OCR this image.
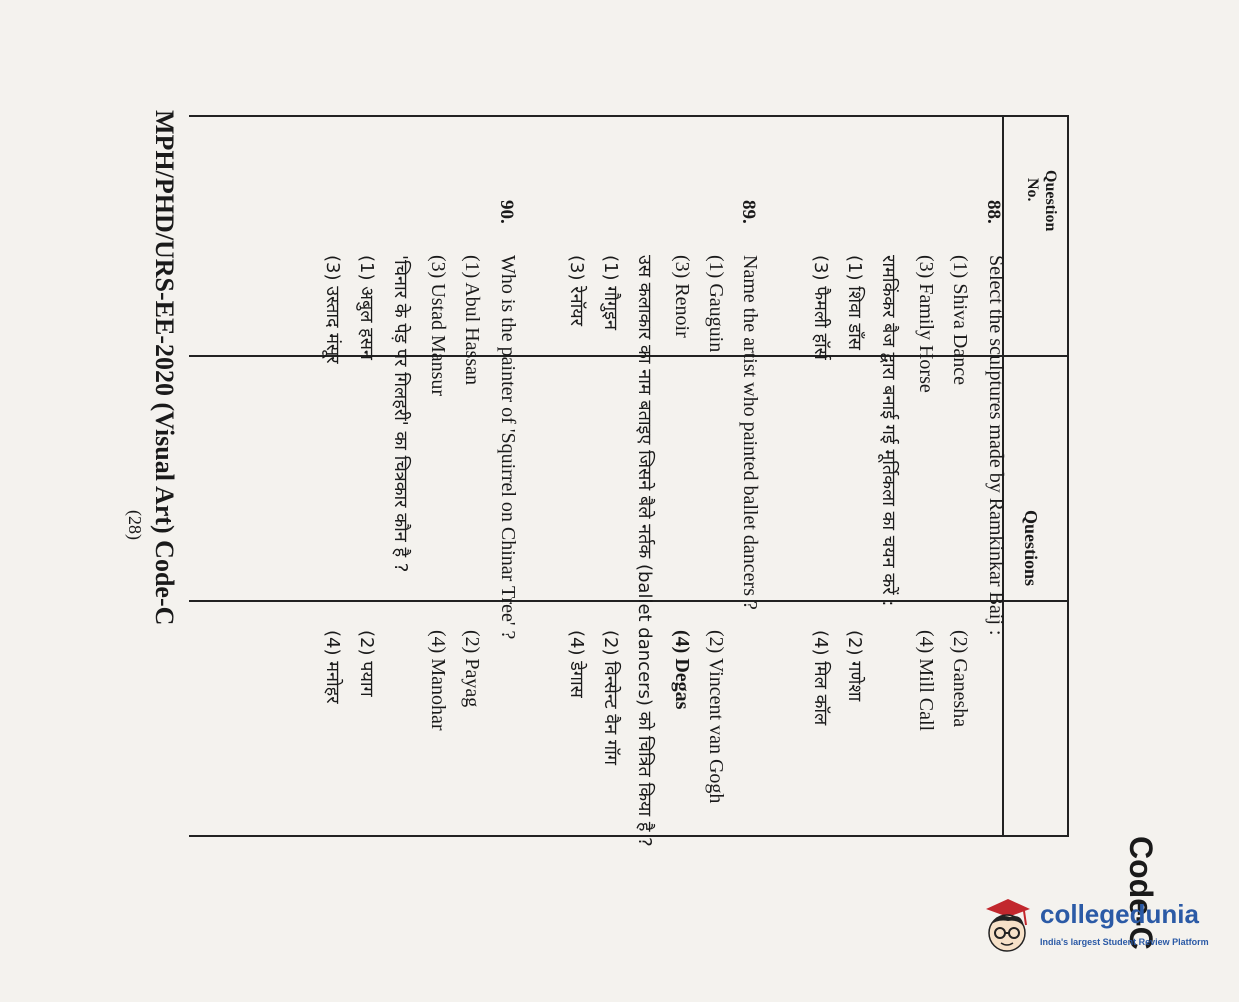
Question
No.
Questions
88.
Select the sculptures made by Ramkinkar Baij :
(1) Shiva Dance
(2) Ganesha
(3) Family Horse
(4) Mill Call
रामकिंकर बैज द्वारा बनाई गई मूर्तिकला का चयन करें :
(1) शिवा डाँस
(2) गणेशा
(3) फैमली हॉर्स
(4) मिल कॉल
89.
Name the artist who painted ballet dancers ?
(1) Gauguin
(2) Vincent van Gogh
(3) Renoir
(4) Degas
उस कलाकार का नाम बताइए जिसने बैले नर्तक (ballet dancers) को चित्रित किया है ?
(1) गौगुइन
(2) विन्सेन्ट वैन गॉग
(3) रेनॉयर
(4) डेगास
90.
Who is the painter of 'Squirrel on Chinar Tree' ?
(1) Abul Hassan
(2) Payag
(3) Ustad Mansur
(4) Manohar
'चिनार के पेड़ पर गिलहरी' का चित्रकार कौन है ?
(1) अबुल हसन
(2) पयाग
(3) उस्ताद मंसूर
(4) मनोहर
Code-C
MPH/PHD/URS-EE-2020 (Visual Art) Code-C
(28)
collegedunia
India's largest Student Review Platform
